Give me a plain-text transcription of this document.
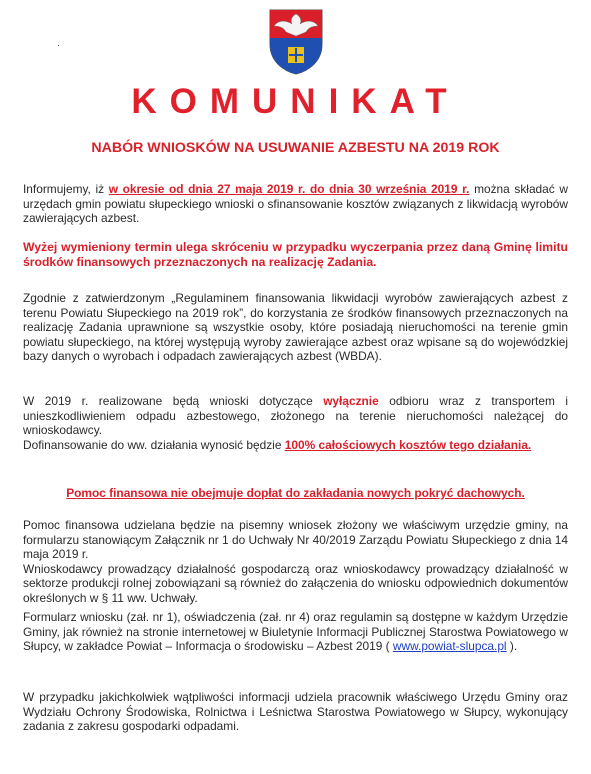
·
KOMUNIKAT
NABÓR WNIOSKÓW NA USUWANIE AZBESTU NA 2019 ROK
Informujemy, iż w okresie od dnia 27 maja 2019 r. do dnia 30 września 2019 r. można składać w urzędach gmin powiatu słupeckiego wnioski o sfinansowanie kosztów związanych z likwidacją wyrobów zawierających azbest.
Wyżej wymieniony termin ulega skróceniu w przypadku wyczerpania przez daną Gminę limitu środków finansowych przeznaczonych na realizację Zadania.
Zgodnie z zatwierdzonym „Regulaminem finansowania likwidacji wyrobów zawierających azbest z terenu Powiatu Słupeckiego na 2019 rok”, do korzystania ze środków finansowych przeznaczonych na realizację Zadania uprawnione są wszystkie osoby, które posiadają nieruchomości na terenie gmin powiatu słupeckiego, na której występują wyroby zawierające azbest oraz wpisane są do wojewódzkiej bazy danych o wyrobach i odpadach zawierających azbest (WBDA).
W 2019 r. realizowane będą wnioski dotyczące wyłącznie odbioru wraz z transportem i unieszkodliwieniem odpadu azbestowego, złożonego na terenie nieruchomości należącej do wnioskodawcy.
Dofinansowanie do ww. działania wynosić będzie 100% całościowych kosztów tego działania.
Pomoc finansowa nie obejmuje dopłat do zakładania nowych pokryć dachowych.
Pomoc finansowa udzielana będzie na pisemny wniosek złożony we właściwym urzędzie gminy, na formularzu stanowiącym Załącznik nr 1 do Uchwały Nr 40/2019 Zarządu Powiatu Słupeckiego z dnia 14 maja 2019 r.
Wnioskodawcy prowadzący działalność gospodarczą oraz wnioskodawcy prowadzący działalność w sektorze produkcji rolnej zobowiązani są również do załączenia do wniosku odpowiednich dokumentów określonych w § 11 ww. Uchwały.
Formularz wniosku (zał. nr 1), oświadczenia (zał. nr 4) oraz regulamin są dostępne w każdym Urzędzie Gminy, jak również na stronie internetowej w Biuletynie Informacji Publicznej Starostwa Powiatowego w Słupcy, w zakładce Powiat – Informacja o środowisku – Azbest 2019 ( www.powiat-slupca.pl ).
W przypadku jakichkolwiek wątpliwości informacji udziela pracownik właściwego Urzędu Gminy oraz Wydziału Ochrony Środowiska, Rolnictwa i Leśnictwa Starostwa Powiatowego w Słupcy, wykonujący zadania z zakresu gospodarki odpadami.
